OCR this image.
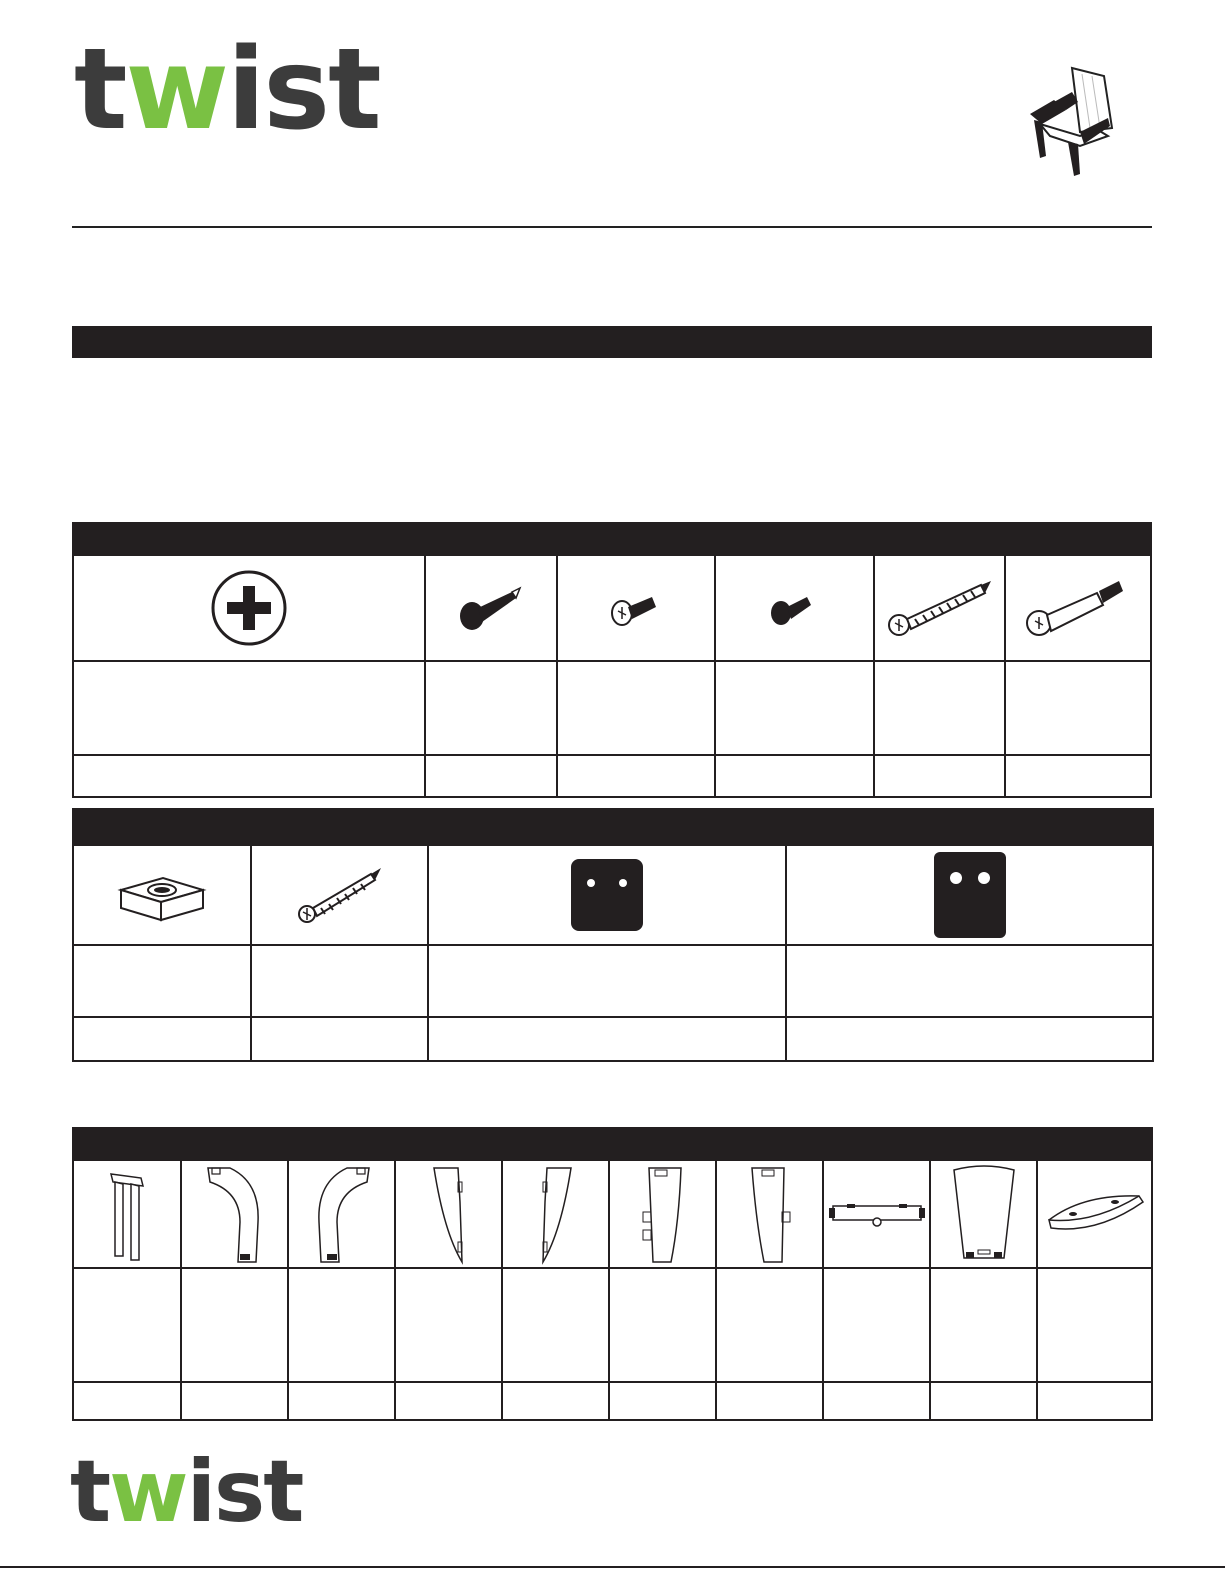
twist

twist
